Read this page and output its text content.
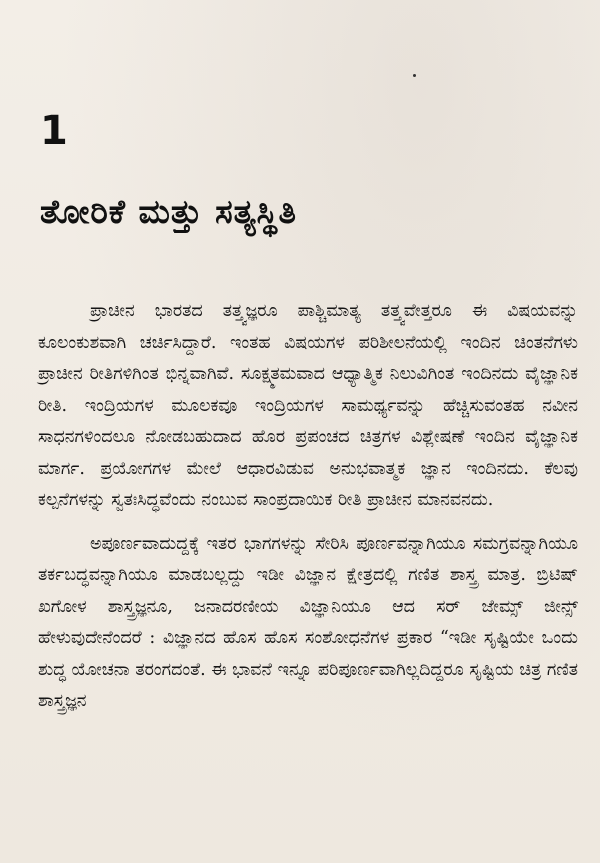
1
ತೋರಿಕೆ ಮತ್ತು ಸತ್ಯಸ್ಥಿತಿ

ಪ್ರಾಚೀನ ಭಾರತದ ತತ್ತ್ವಜ್ಞರೂ ಪಾಶ್ಚಿಮಾತ್ಯ ತತ್ತ್ವವೇತ್ತರೂ ಈ ವಿಷಯವನ್ನು ಕೂಲಂಕುಶವಾಗಿ ಚರ್ಚಿಸಿದ್ದಾರೆ. ಇಂತಹ ವಿಷಯಗಳ ಪರಿಶೀಲನೆಯಲ್ಲಿ ಇಂದಿನ ಚಿಂತನೆಗಳು ಪ್ರಾಚೀನ ರೀತಿಗಳಿಗಿಂತ ಭಿನ್ನವಾಗಿವೆ. ಸೂಕ್ಷ್ಮತಮವಾದ ಆಧ್ಯಾತ್ಮಿಕ ನಿಲುವಿಗಿಂತ ಇಂದಿನದು ವೈಜ್ಞಾನಿಕ ರೀತಿ. ಇಂದ್ರಿಯಗಳ ಮೂಲಕವೂ ಇಂದ್ರಿಯಗಳ ಸಾಮರ್ಥ್ಯವನ್ನು ಹೆಚ್ಚಿಸುವಂತಹ ನವೀನ ಸಾಧನಗಳಿಂದಲೂ ನೋಡಬಹುದಾದ ಹೊರ ಪ್ರಪಂಚದ ಚಿತ್ರಗಳ ವಿಶ್ಲೇಷಣೆ ಇಂದಿನ ವೈಜ್ಞಾನಿಕ ಮಾರ್ಗ. ಪ್ರಯೋಗಗಳ ಮೇಲೆ ಆಧಾರವಿಡುವ ಅನುಭವಾತ್ಮಕ ಜ್ಞಾನ ಇಂದಿನದು. ಕೆಲವು ಕಲ್ಪನೆಗಳನ್ನು ಸ್ವತಃಸಿದ್ಧವೆಂದು ನಂಬುವ ಸಾಂಪ್ರದಾಯಿಕ ರೀತಿ ಪ್ರಾಚೀನ ಮಾನವನದು.

ಅಪೂರ್ಣವಾದುದ್ದಕ್ಕೆ ಇತರ ಭಾಗಗಳನ್ನು ಸೇರಿಸಿ ಪೂರ್ಣವನ್ನಾಗಿಯೂ ಸಮಗ್ರವನ್ನಾಗಿಯೂ ತರ್ಕಬದ್ಧವನ್ನಾಗಿಯೂ ಮಾಡಬಲ್ಲದ್ದು ಇಡೀ ವಿಜ್ಞಾನ ಕ್ಷೇತ್ರದಲ್ಲಿ ಗಣಿತ ಶಾಸ್ತ್ರ ಮಾತ್ರ. ಬ್ರಿಟಿಷ್ ಖಗೋಳ ಶಾಸ್ತ್ರಜ್ಞನೂ, ಜನಾದರಣೀಯ ವಿಜ್ಞಾನಿಯೂ ಆದ ಸರ್ ಜೇಮ್ಸ್ ಜೀನ್ಸ್ ಹೇಳುವುದೇನೆಂದರೆ : ವಿಜ್ಞಾನದ ಹೊಸ ಹೊಸ ಸಂಶೋಧನೆಗಳ ಪ್ರಕಾರ “ಇಡೀ ಸೃಷ್ಟಿಯೇ ಒಂದು ಶುದ್ಧ ಯೋಚನಾ ತರಂಗದಂತೆ. ಈ ಭಾವನೆ ಇನ್ನೂ ಪರಿಪೂರ್ಣವಾಗಿಲ್ಲದಿದ್ದರೂ ಸೃಷ್ಟಿಯ ಚಿತ್ರ ಗಣಿತ ಶಾಸ್ತ್ರಜ್ಞನ
